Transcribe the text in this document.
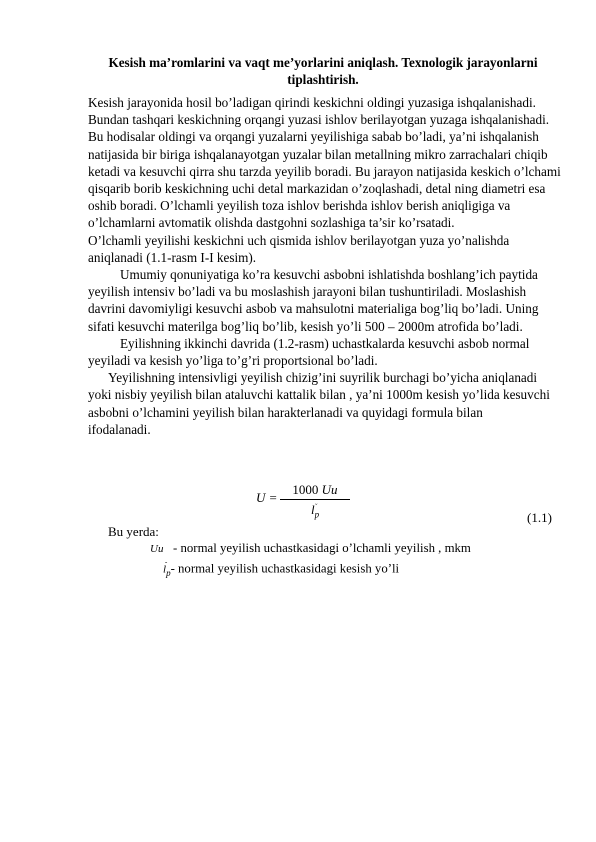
Kesish ma’romlarini va vaqt me’yorlarini aniqlash. Texnologik jarayonlarni
tiplashtirish.

Kesish jarayonida hosil bo’ladigan qirindi keskichni oldingi yuzasiga ishqalanishadi. Bundan tashqari keskichning orqangi yuzasi ishlov berilayotgan yuzaga ishqalanishadi. Bu hodisalar oldingi va orqangi yuzalarni yeyilishiga sabab bo’ladi, ya’ni ishqalanish natijasida bir biriga ishqalanayotgan yuzalar bilan metallning mikro zarrachalari chiqib ketadi va kesuvchi qirra shu tarzda yeyilib boradi. Bu jarayon natijasida keskich o’lchami qisqarib borib keskichning uchi detal markazidan o’zoqlashadi, detal ning diametri esa oshib boradi. O’lchamli yeyilish toza ishlov berishda ishlov berish aniqligiga va o’lchamlarni avtomatik olishda dastgohni sozlashiga ta’sir ko’rsatadi.

O’lchamli yeyilishi keskichni uch qismida ishlov berilayotgan yuza yo’nalishda aniqlanadi (1.1-rasm I-I kesim).

Umumiy qonuniyatiga ko’ra kesuvchi asbobni ishlatishda boshlang’ich paytida yeyilish intensiv bo’ladi va bu moslashish jarayoni bilan tushuntiriladi. Moslashish davrini davomiyligi kesuvchi asbob va mahsulotni materialiga bog’liq bo’ladi. Uning sifati kesuvchi materilga bog’liq bo’lib, kesish yo’li 500 – 2000m atrofida bo’ladi.

Eyilishning ikkinchi davrida (1.2-rasm) uchastkalarda kesuvchi asbob normal yeyiladi va kesish yo’liga to’g’ri proportsional bo’ladi.

Yeyilishning intensivligi yeyilish chizig’ini suyrilik burchagi bo’yicha aniqlanadi yoki nisbiy yeyilish bilan ataluvchi kattalik bilan , ya’ni 1000m kesish yo’lida kesuvchi asbobni o’lchamini yeyilish bilan harakterlanadi va quyidagi formula bilan

ifodalanadi.

$U = \frac{1000 Uu}{l_p}$	(1.1)
Bu yerda:
Uu   - normal yeyilish uchastkasidagi o’lchamli yeyilish , mkm
$l_p-$ normal yeyilish uchastkasidagi kesish yo’li
